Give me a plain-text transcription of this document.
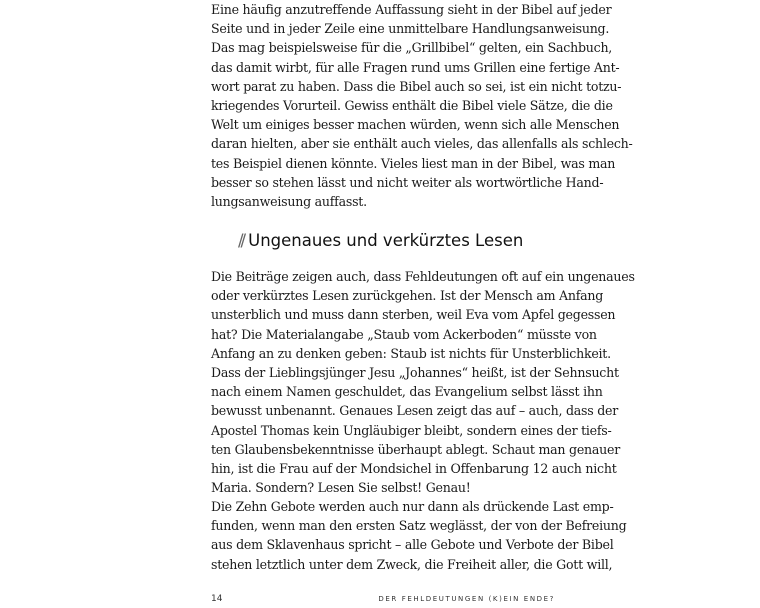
Eine häufig anzutreffende Auffassung sieht in der Bibel auf jeder
Seite und in jeder Zeile eine unmittelbare Handlungsanweisung.
Das mag beispielsweise für die „Grillbibel“ gelten, ein Sachbuch,
das damit wirbt, für alle Fragen rund ums Grillen eine fertige Ant-
wort parat zu haben. Dass die Bibel auch so sei, ist ein nicht totzu-
kriegendes Vorurteil. Gewiss enthält die Bibel viele Sätze, die die
Welt um einiges besser machen würden, wenn sich alle Menschen
daran hielten, aber sie enthält auch vieles, das allenfalls als schlech-
tes Beispiel dienen könnte. Vieles liest man in der Bibel, was man
besser so stehen lässt und nicht weiter als wortwörtliche Hand-
lungsanweisung auffasst.
// Ungenaues und verkürztes Lesen
Die Beiträge zeigen auch, dass Fehldeutungen oft auf ein ungenaues
oder verkürztes Lesen zurückgehen. Ist der Mensch am Anfang
unsterblich und muss dann sterben, weil Eva vom Apfel gegessen
hat? Die Materialangabe „Staub vom Ackerboden“ müsste von
Anfang an zu denken geben: Staub ist nichts für Unsterblichkeit.
Dass der Lieblingsjünger Jesu „Johannes“ heißt, ist der Sehnsucht
nach einem Namen geschuldet, das Evangelium selbst lässt ihn
bewusst unbenannt. Genaues Lesen zeigt das auf – auch, dass der
Apostel Thomas kein Ungläubiger bleibt, sondern eines der tiefs-
ten Glaubensbekenntnisse überhaupt ablegt. Schaut man genauer
hin, ist die Frau auf der Mondsichel in Offenbarung 12 auch nicht
Maria. Sondern? Lesen Sie selbst! Genau!
Die Zehn Gebote werden auch nur dann als drückende Last emp-
funden, wenn man den ersten Satz weglässt, der von der Befreiung
aus dem Sklavenhaus spricht – alle Gebote und Verbote der Bibel
stehen letztlich unter dem Zweck, die Freiheit aller, die Gott will,
14	DER FEHLDEUTUNGEN (K)EIN ENDE?
